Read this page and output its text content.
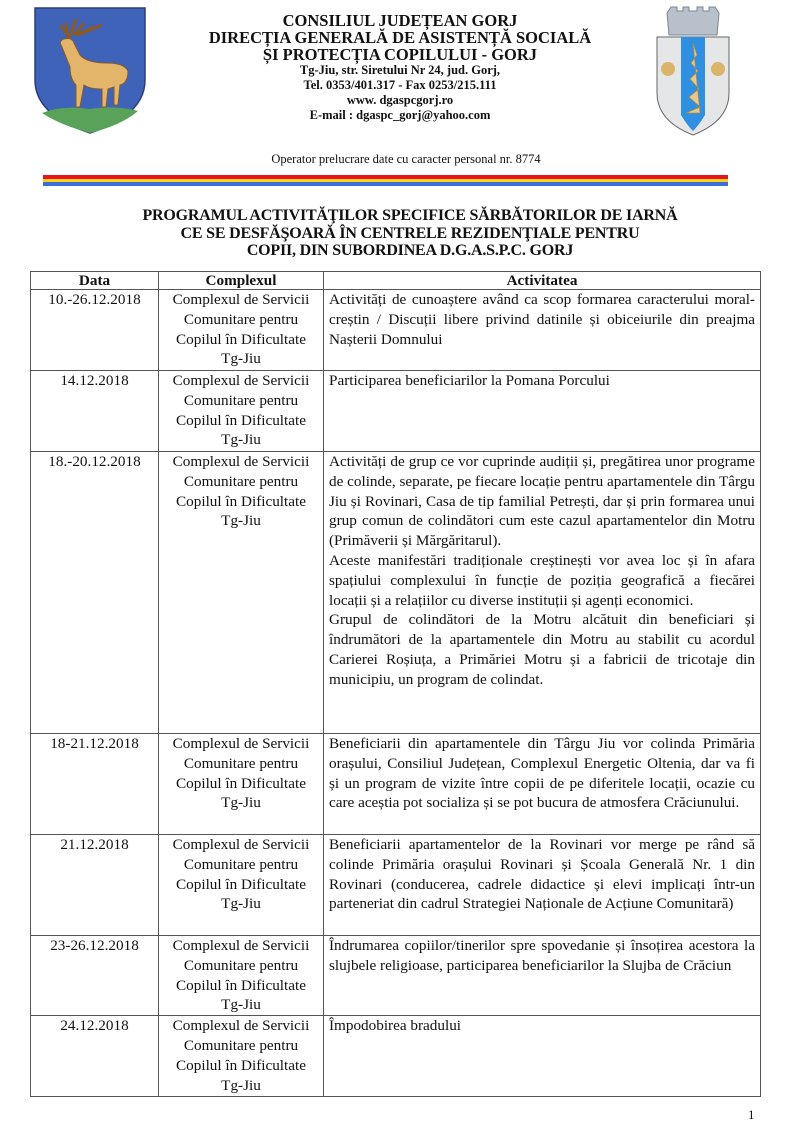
CONSILIUL JUDEȚEAN GORJ
DIRECȚIA GENERALĂ DE ASISTENȚĂ SOCIALĂ
ȘI PROTECȚIA COPILULUI - GORJ
Tg-Jiu, str. Siretului Nr 24, jud. Gorj,
Tel. 0353/401.317 - Fax 0253/215.111
www. dgaspcgorj.ro
E-mail : dgaspc_gorj@yahoo.com
Operator prelucrare date cu caracter personal nr. 8774
PROGRAMUL ACTIVITĂŢILOR SPECIFICE SĂRBĂTORILOR DE IARNĂ
CE SE DESFĂŞOARĂ ÎN CENTRELE REZIDENŢIALE PENTRU
COPII, DIN SUBORDINEA D.G.A.S.P.C. GORJ
Data	Complexul	Activitatea
10.-26.12.2018	Complexul de Servicii Comunitare pentru Copilul în Dificultate Tg-Jiu	Activități de cunoaștere având ca scop formarea caracterului moral- creștin / Discuții libere privind datinile și obiceiurile din preajma Nașterii Domnului

14.12.2018	Complexul de Servicii Comunitare pentru Copilul în Dificultate Tg-Jiu	Participarea beneficiarilor la Pomana Porcului

18.-20.12.2018	Complexul de Servicii Comunitare pentru Copilul în Dificultate Tg-Jiu	Activități de grup ce vor cuprinde audiții și, pregătirea unor programe de colinde, separate, pe fiecare locație pentru apartamentele din Târgu Jiu și Rovinari, Casa de tip familial Petrești, dar și prin formarea unui grup comun de colindători cum este cazul apartamentelor din Motru (Primăverii și Mărgăritarul).
Aceste manifestări tradiționale creștinești vor avea loc și în afara spațiului complexului în funcție de poziția geografică a fiecărei locații și a relațiilor cu diverse instituții și agenți economici.
Grupul de colindători de la Motru alcătuit din beneficiari și îndrumători de la apartamentele din Motru au stabilit cu acordul Carierei Roșiuța, a Primăriei Motru și a fabricii de tricotaje din municipiu, un program de colindat.

18-21.12.2018	Complexul de Servicii Comunitare pentru Copilul în Dificultate Tg-Jiu	Beneficiarii din apartamentele din Târgu Jiu vor colinda Primăria orașului, Consiliul Județean, Complexul Energetic Oltenia, dar va fi și un program de vizite între copii de pe diferitele locații, ocazie cu care aceștia pot socializa și se pot bucura de atmosfera Crăciunului.

21.12.2018	Complexul de Servicii Comunitare pentru Copilul în Dificultate Tg-Jiu	Beneficiarii apartamentelor de la Rovinari vor merge pe rând să colinde Primăria orașului Rovinari și Școala Generală Nr. 1 din Rovinari (conducerea, cadrele didactice și elevi implicați într-un parteneriat din cadrul Strategiei Naționale de Acțiune Comunitară)

23-26.12.2018	Complexul de Servicii Comunitare pentru Copilul în Dificultate Tg-Jiu	Îndrumarea copiilor/tinerilor spre spovedanie și însoțirea acestora la slujbele religioase, participarea beneficiarilor la Slujba de Crăciun

24.12.2018	Complexul de Servicii Comunitare pentru Copilul în Dificultate Tg-Jiu	Împodobirea bradului
1
